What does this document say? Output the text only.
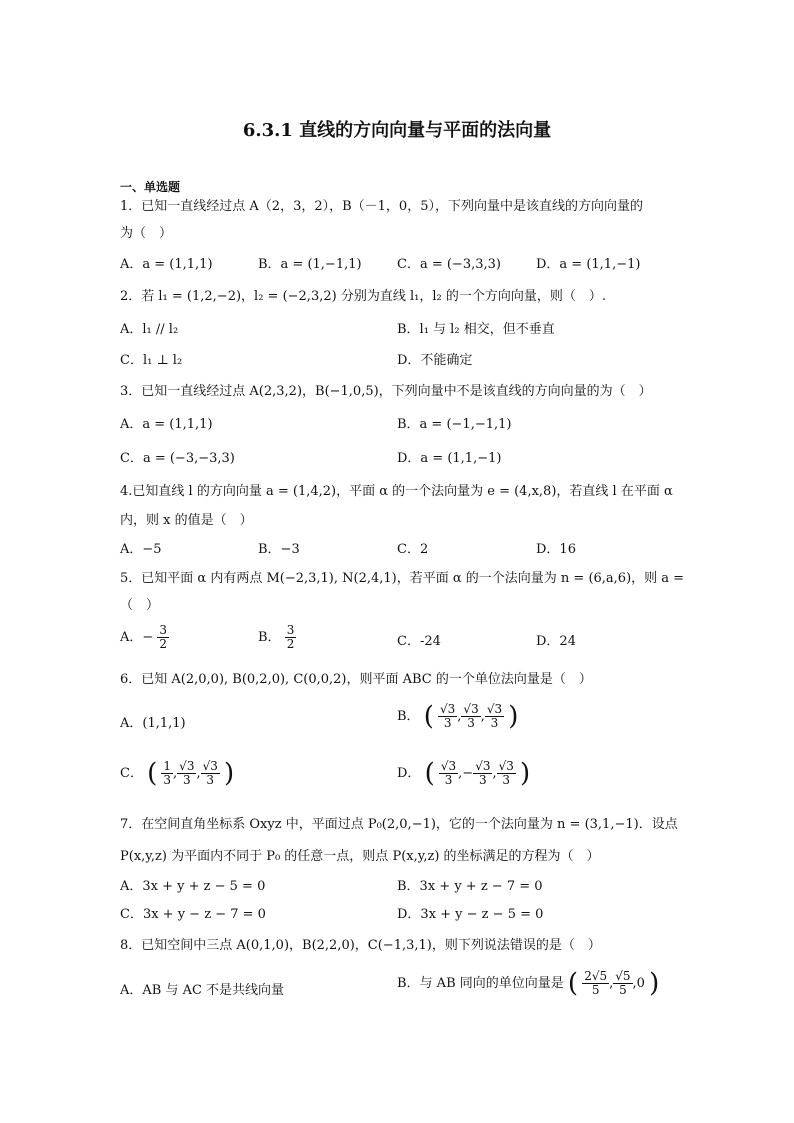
6.3.1 直线的方向向量与平面的法向量
一、单选题
1．已知一直线经过点 A（2，3，2），B（－1，0，5），下列向量中是该直线的方向向量的
为（　）
A．a = (1,1,1)	B．a = (1,−1,1)	C．a = (−3,3,3)	D．a = (1,1,−1)
2．若 l₁ = (1,2,−2)，l₂ = (−2,3,2) 分别为直线 l₁，l₂ 的一个方向向量，则（　）.
A．l₁ // l₂	B．l₁ 与 l₂ 相交，但不垂直
C．l₁ ⊥ l₂	D．不能确定
3．已知一直线经过点 A(2,3,2)，B(−1,0,5)，下列向量中不是该直线的方向向量的为（　）
A．a = (1,1,1)	B．a = (−1,−1,1)
C．a = (−3,−3,3)	D．a = (1,1,−1)
4.已知直线 l 的方向向量 a = (1,4,2)，平面 α 的一个法向量为 e = (4,x,8)，若直线 l 在平面 α
内，则 x 的值是（　）
A．−5	B．−3	C．2	D．16
5．已知平面 α 内有两点 M(−2,3,1), N(2,4,1)，若平面 α 的一个法向量为 n = (6,a,6)，则 a =
（　）
A．− $\frac{3}{2}$	B． $\frac{3}{2}$	C．-24	D．24
6．已知 A(2,0,0), B(0,2,0), C(0,0,2)，则平面 ABC 的一个单位法向量是（　）
A．(1,1,1)	B． ( $\frac{√3}{3}$ , $\frac{√3}{3}$ , $\frac{√3}{3}$ )
C． ( $\frac{1}{3}$ , $\frac{√3}{3}$ , $\frac{√3}{3}$ )	D． ( $\frac{√3}{3}$ ,− $\frac{√3}{3}$ , $\frac{√3}{3}$ )
7．在空间直角坐标系 Oxyz 中，平面过点 P₀(2,0,−1)，它的一个法向量为 n = (3,1,−1)．设点
P(x,y,z) 为平面内不同于 P₀ 的任意一点，则点 P(x,y,z) 的坐标满足的方程为（　）
A．3x + y + z − 5 = 0	B．3x + y + z − 7 = 0
C．3x + y − z − 7 = 0	D．3x + y − z − 5 = 0
8．已知空间中三点 A(0,1,0)，B(2,2,0)，C(−1,3,1)，则下列说法错误的是（　）
A．AB 与 AC 不是共线向量	B．与 AB 同向的单位向量是 ( $\frac{2√5}{5}$ , $\frac{√5}{5} ,0$ )
